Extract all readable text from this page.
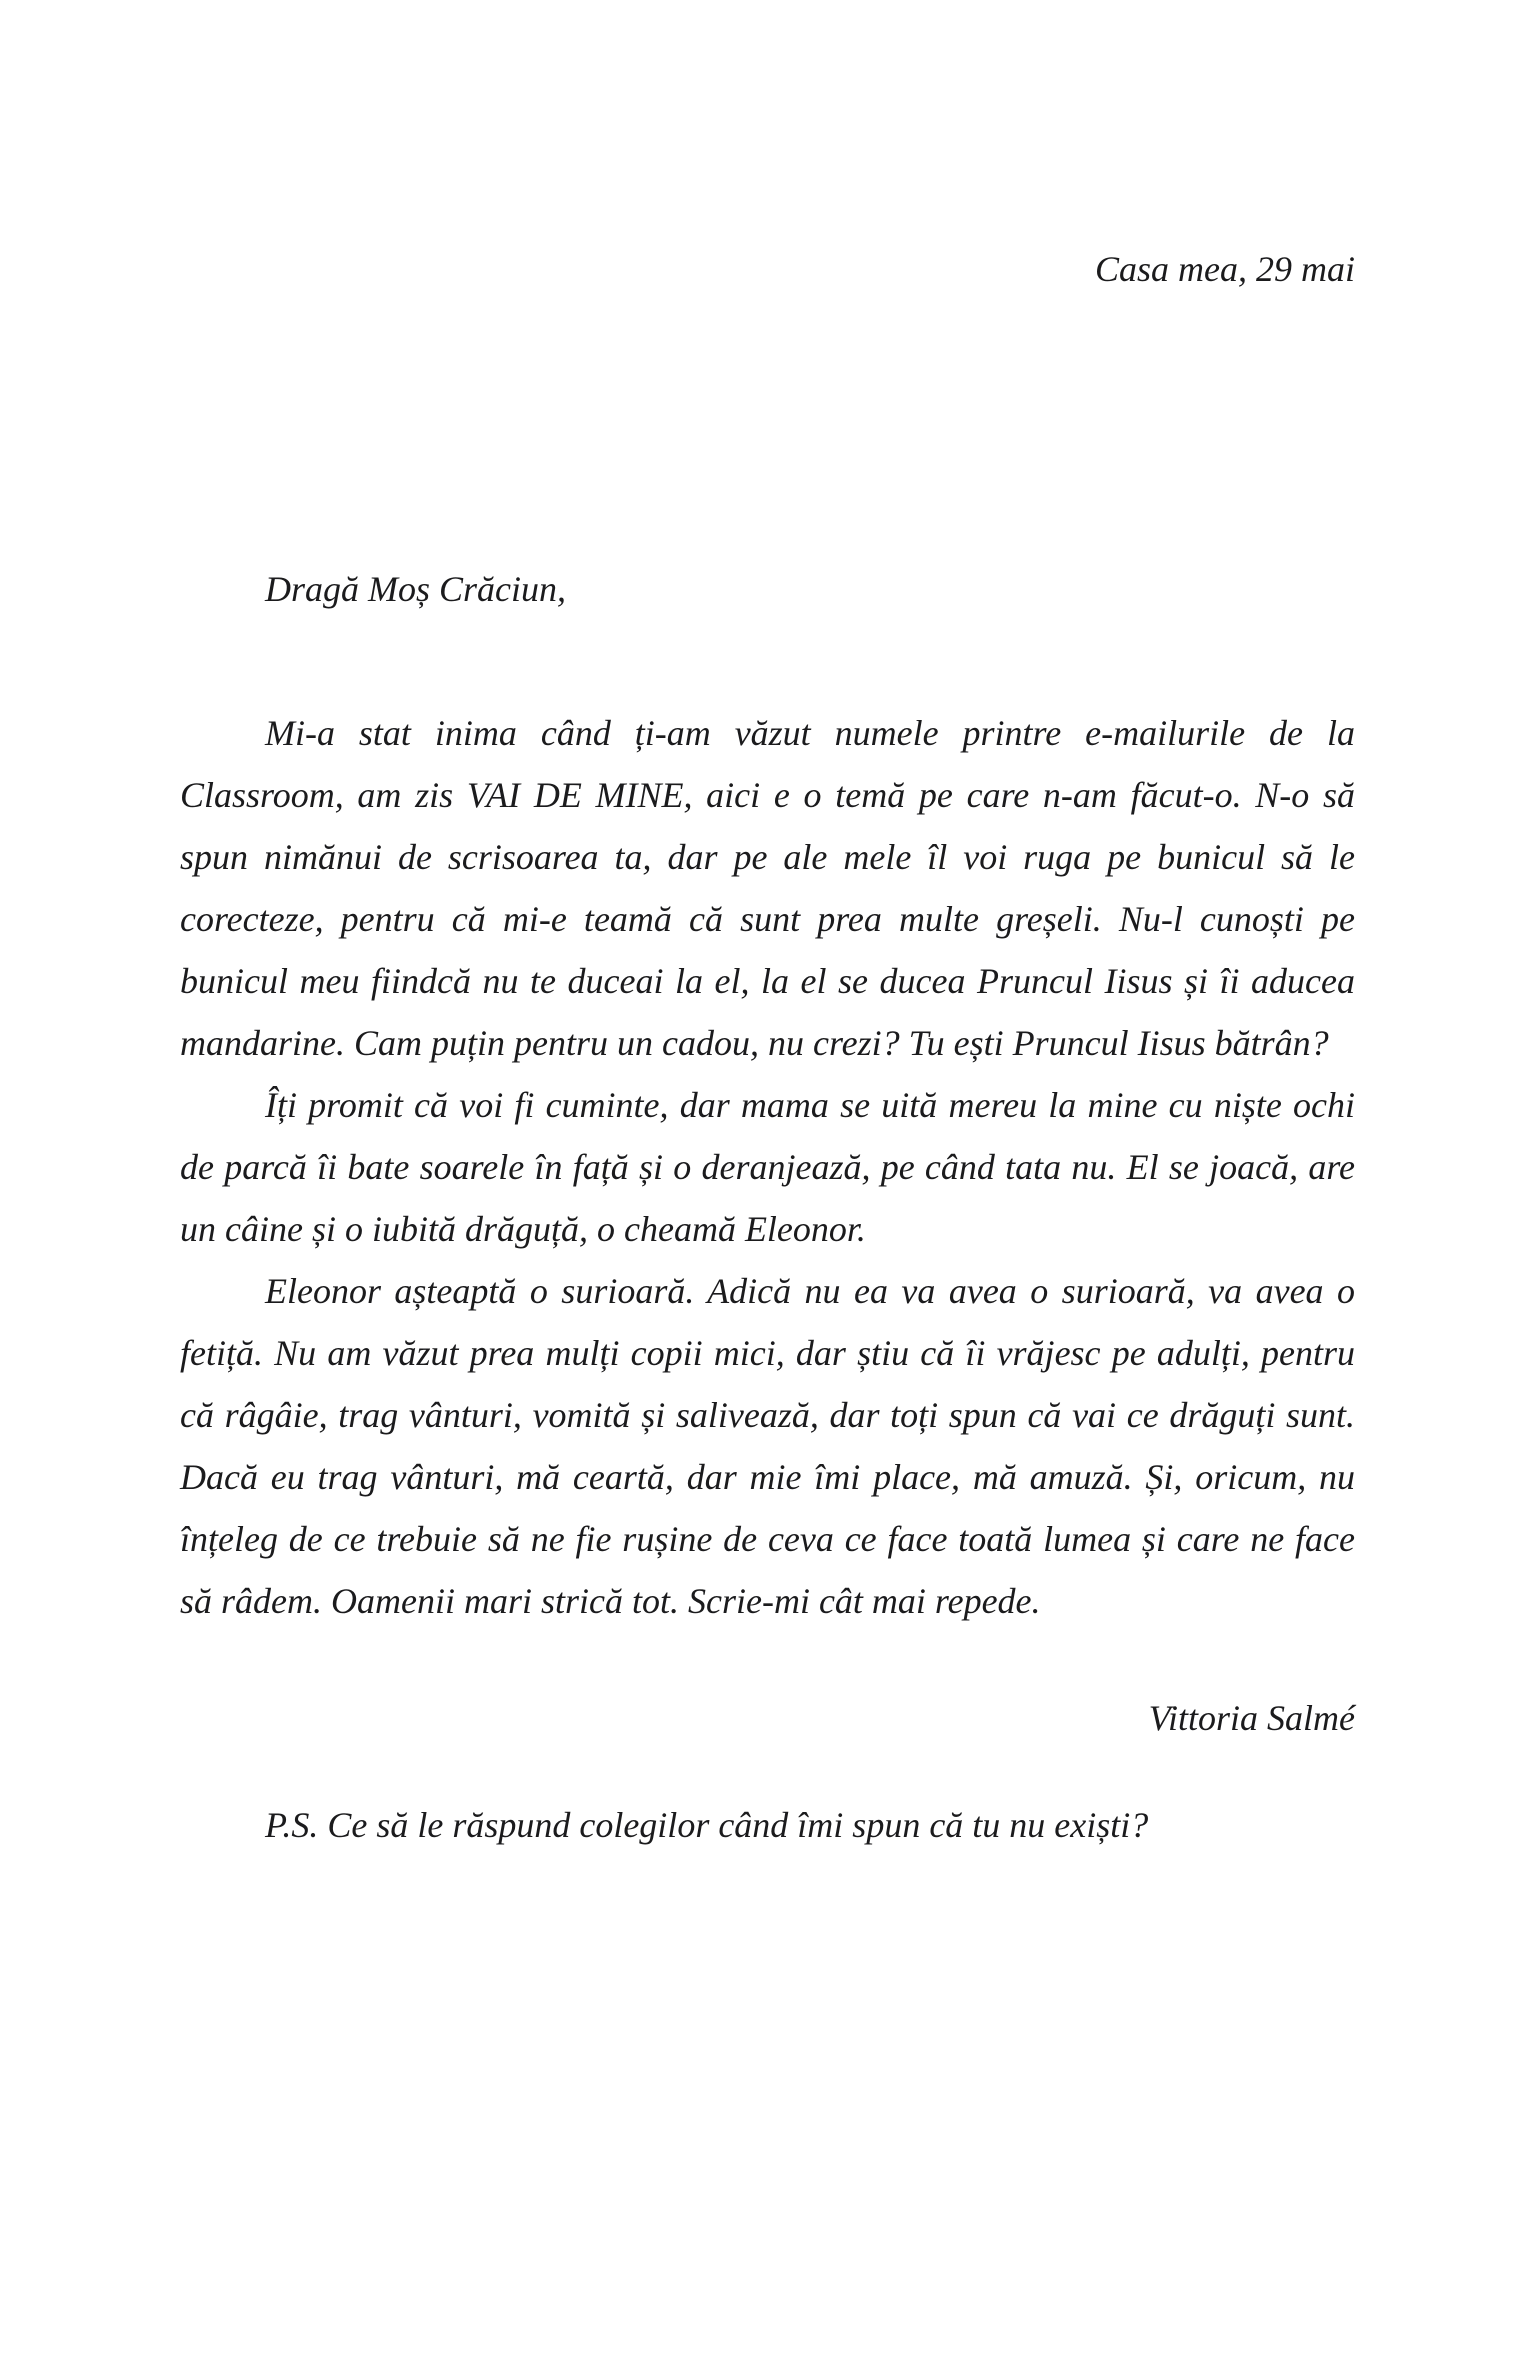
Casa mea, 29 mai
Dragă Moș Crăciun,

Mi-a stat inima când ți-am văzut numele printre e-mailurile de la Classroom, am zis VAI DE MINE, aici e o temă pe care n-am făcut-o. N-o să spun nimănui de scrisoarea ta, dar pe ale mele îl voi ruga pe bunicul să le corecteze, pentru că mi-e teamă că sunt prea multe greșeli. Nu-l cunoști pe bunicul meu fiindcă nu te duceai la el, la el se ducea Pruncul Iisus și îi aducea mandarine. Cam puțin pentru un cadou, nu crezi? Tu ești Pruncul Iisus bătrân?

Îți promit că voi fi cuminte, dar mama se uită mereu la mine cu niște ochi de parcă îi bate soarele în față și o deranjează, pe când tata nu. El se joacă, are un câine și o iubită drăguță, o cheamă Eleonor.

Eleonor așteaptă o surioară. Adică nu ea va avea o surioară, va avea o fetiță. Nu am văzut prea mulți copii mici, dar știu că îi vrăjesc pe adulți, pentru că râgâie, trag vânturi, vomită și salivează, dar toți spun că vai ce drăguți sunt. Dacă eu trag vânturi, mă ceartă, dar mie îmi place, mă amuză. Și, oricum, nu înțeleg de ce trebuie să ne fie rușine de ceva ce face toată lumea și care ne face să râdem. Oamenii mari strică tot. Scrie-mi cât mai repede.

Vittoria Salmé

P.S. Ce să le răspund colegilor când îmi spun că tu nu exiști?
